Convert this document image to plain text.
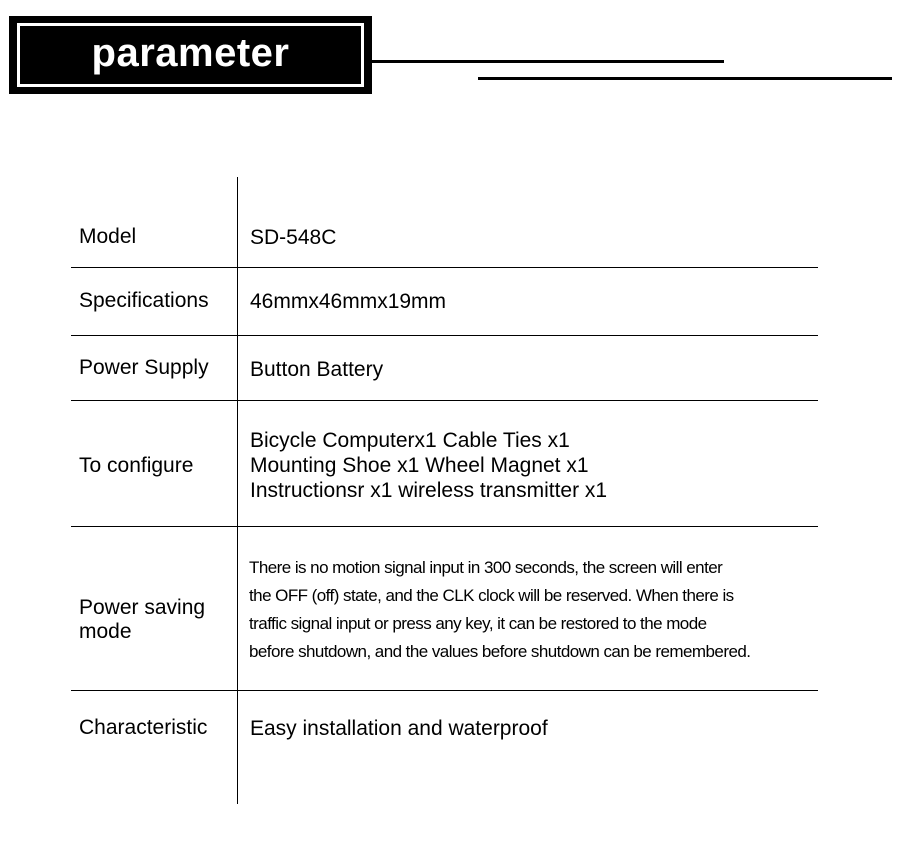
parameter
Model	SD-548C
Specifications 46mmx46mmx19mm
Power Supply Button Battery
To configure
Bicycle Computerx1 Cable Ties x1
Mounting Shoe x1 Wheel Magnet x1
Instructionsr x1 wireless transmitter x1
Power saving
mode
There is no motion signal input in 300 seconds, the screen will enter
the OFF (off) state, and the CLK clock will be reserved. When there is
traffic signal input or press any key, it can be restored to the mode
before shutdown, and the values before shutdown can be remembered.
Characteristic Easy installation and waterproof
